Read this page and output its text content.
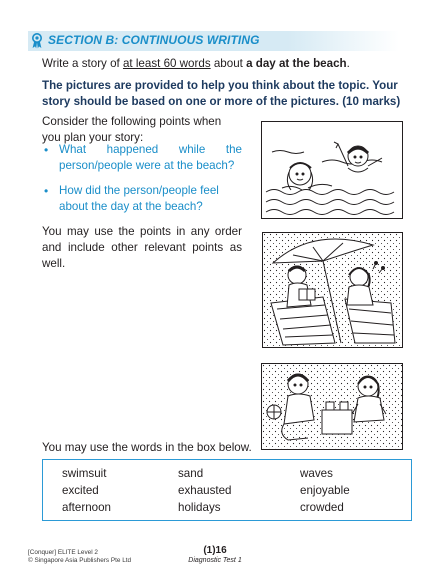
SECTION B: CONTINUOUS WRITING
Write a story of at least 60 words about a day at the beach.
The pictures are provided to help you think about the topic. Your story should be based on one or more of the pictures. (10 marks)
Consider the following points when you plan your story:
• What happened while the person/people were at the beach?
• How did the person/people feel about the day at the beach?
You may use the points in any order and include other relevant points as well.
You may use the words in the box below.
swimsuit	sand	waves
excited	exhausted	enjoyable
afternoon	holidays	crowded
[Conquer] ELITE Level 2
© Singapore Asia Publishers Pte Ltd
(1)16
Diagnostic Test 1
